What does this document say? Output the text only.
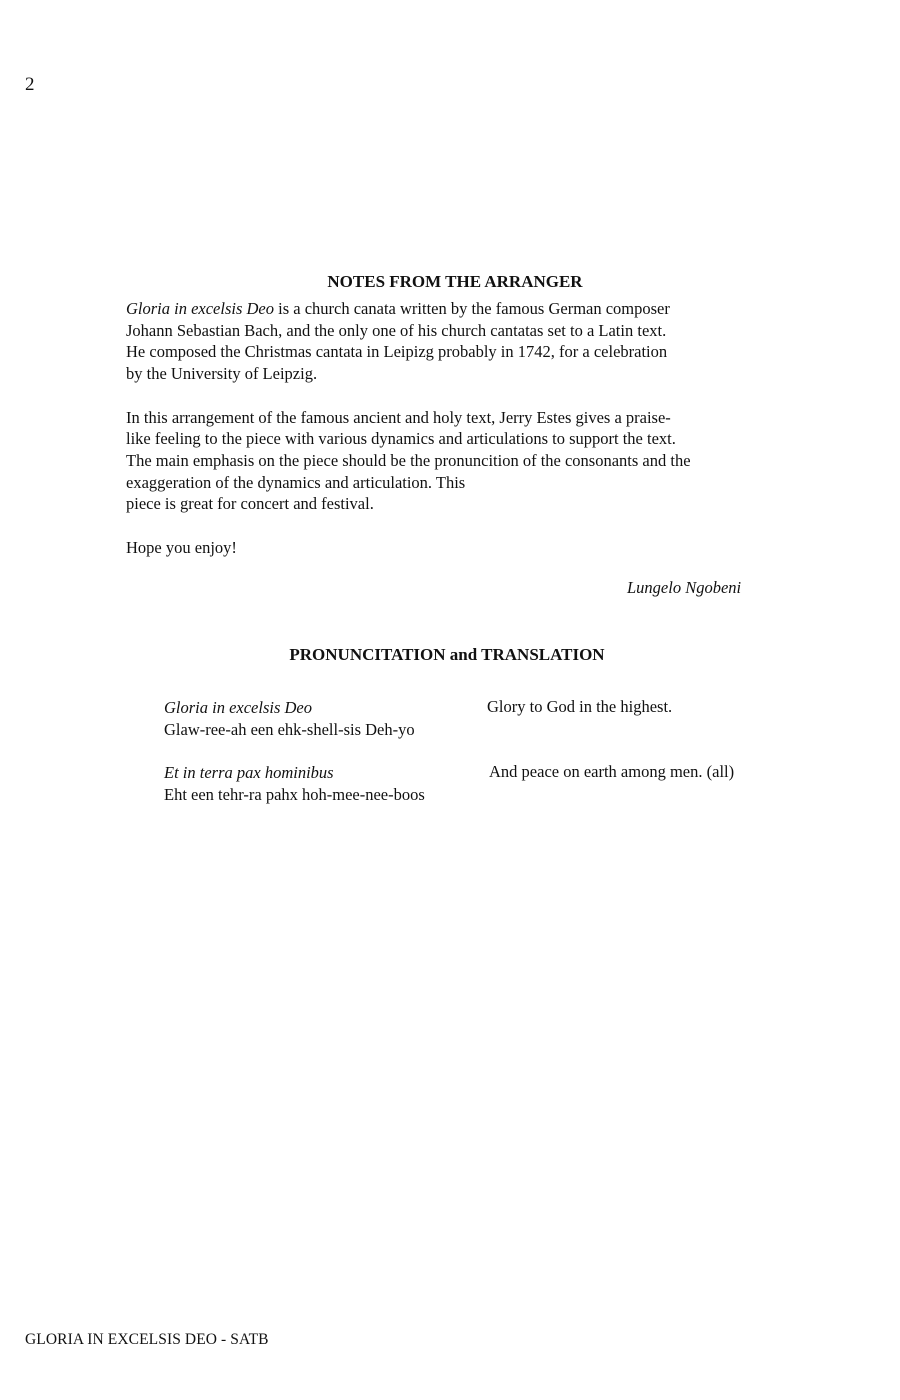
2
NOTES FROM THE ARRANGER
Gloria in excelsis Deo is a church canata written by the famous German composer
Johann Sebastian Bach, and the only one of his church cantatas set to a Latin text.
He composed the Christmas cantata in Leipizg probably in 1742, for a celebration
by the University of Leipzig.
In this arrangement of the famous ancient and holy text, Jerry Estes gives a praise-
like feeling to the piece with various dynamics and articulations to support the text.
The main emphasis on the piece should be the pronuncition of the consonants and the
exaggeration of the dynamics and articulation. This
piece is great for concert and festival.
Hope you enjoy!
Lungelo Ngobeni
PRONUNCITATION and TRANSLATION
Gloria in excelsis Deo
Glaw-ree-ah een ehk-shell-sis Deh-yo
Glory to God in the highest.
Et in terra pax hominibus
Eht een tehr-ra pahx hoh-mee-nee-boos
And peace on earth among men. (all)
GLORIA IN EXCELSIS DEO - SATB
